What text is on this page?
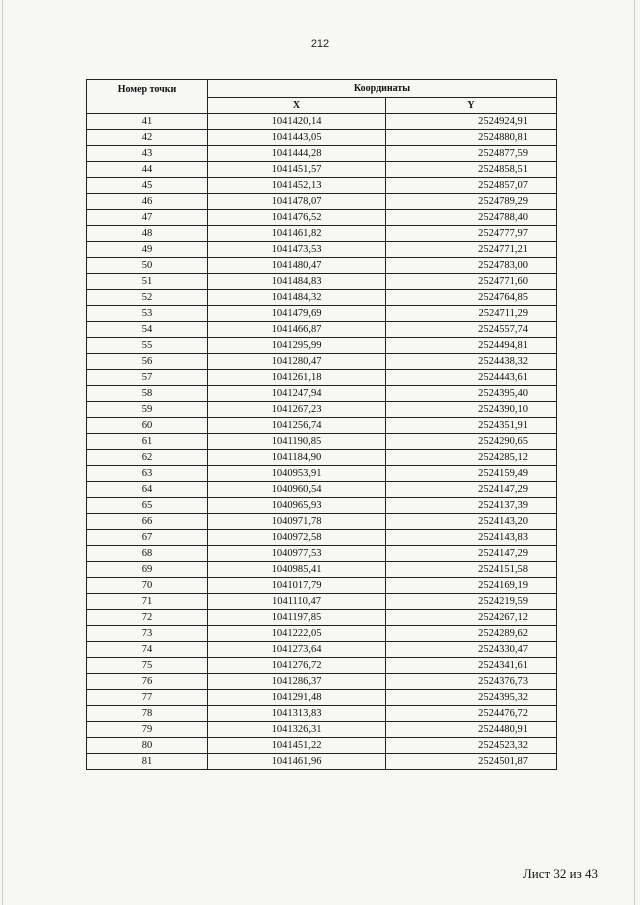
212
Номер точки	Координаты	
	X	Y
41	1041420,14	2524924,91
42	1041443,05	2524880,81
43	1041444,28	2524877,59
44	1041451,57	2524858,51
45	1041452,13	2524857,07
46	1041478,07	2524789,29
47	1041476,52	2524788,40
48	1041461,82	2524777,97
49	1041473,53	2524771,21
50	1041480,47	2524783,00
51	1041484,83	2524771,60
52	1041484,32	2524764,85
53	1041479,69	2524711,29
54	1041466,87	2524557,74
55	1041295,99	2524494,81
56	1041280,47	2524438,32
57	1041261,18	2524443,61
58	1041247,94	2524395,40
59	1041267,23	2524390,10
60	1041256,74	2524351,91
61	1041190,85	2524290,65
62	1041184,90	2524285,12
63	1040953,91	2524159,49
64	1040960,54	2524147,29
65	1040965,93	2524137,39
66	1040971,78	2524143,20
67	1040972,58	2524143,83
68	1040977,53	2524147,29
69	1040985,41	2524151,58
70	1041017,79	2524169,19
71	1041110,47	2524219,59
72	1041197,85	2524267,12
73	1041222,05	2524289,62
74	1041273,64	2524330,47
75	1041276,72	2524341,61
76	1041286,37	2524376,73
77	1041291,48	2524395,32
78	1041313,83	2524476,72
79	1041326,31	2524480,91
80	1041451,22	2524523,32
81	1041461,96	2524501,87
Лист 32 из 43
